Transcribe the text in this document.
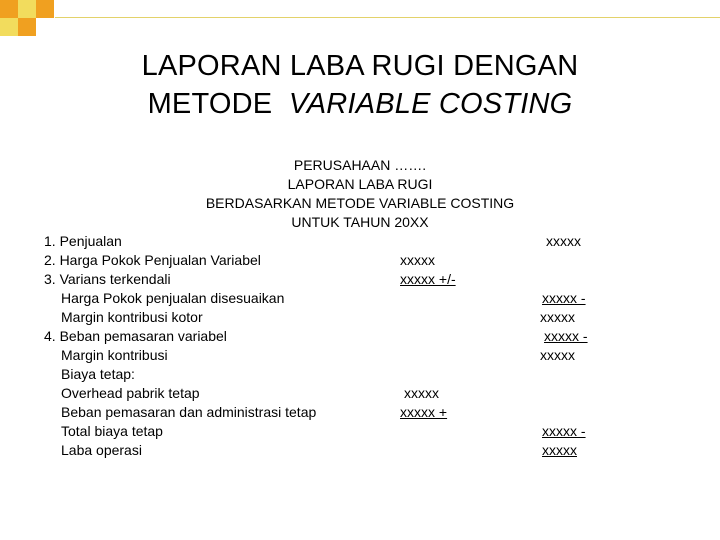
LAPORAN LABA RUGI DENGAN
METODE VARIABLE COSTING
PERUSAHAAN …….
LAPORAN LABA RUGI
BERDASARKAN METODE VARIABLE COSTING
UNTUK TAHUN 20XX
1. Penjualan	xxxxx
2. Harga Pokok Penjualan Variabel	xxxxx
3. Varians terkendali	xxxxx +/-
Harga Pokok penjualan disesuaikan	xxxxx -
Margin kontribusi kotor	xxxxx
4. Beban pemasaran variabel	xxxxx -
Margin kontribusi	xxxxx
Biaya tetap:
Overhead pabrik tetap	xxxxx
Beban pemasaran dan administrasi tetap	xxxxx +
Total biaya tetap	xxxxx -
Laba operasi	xxxxx
